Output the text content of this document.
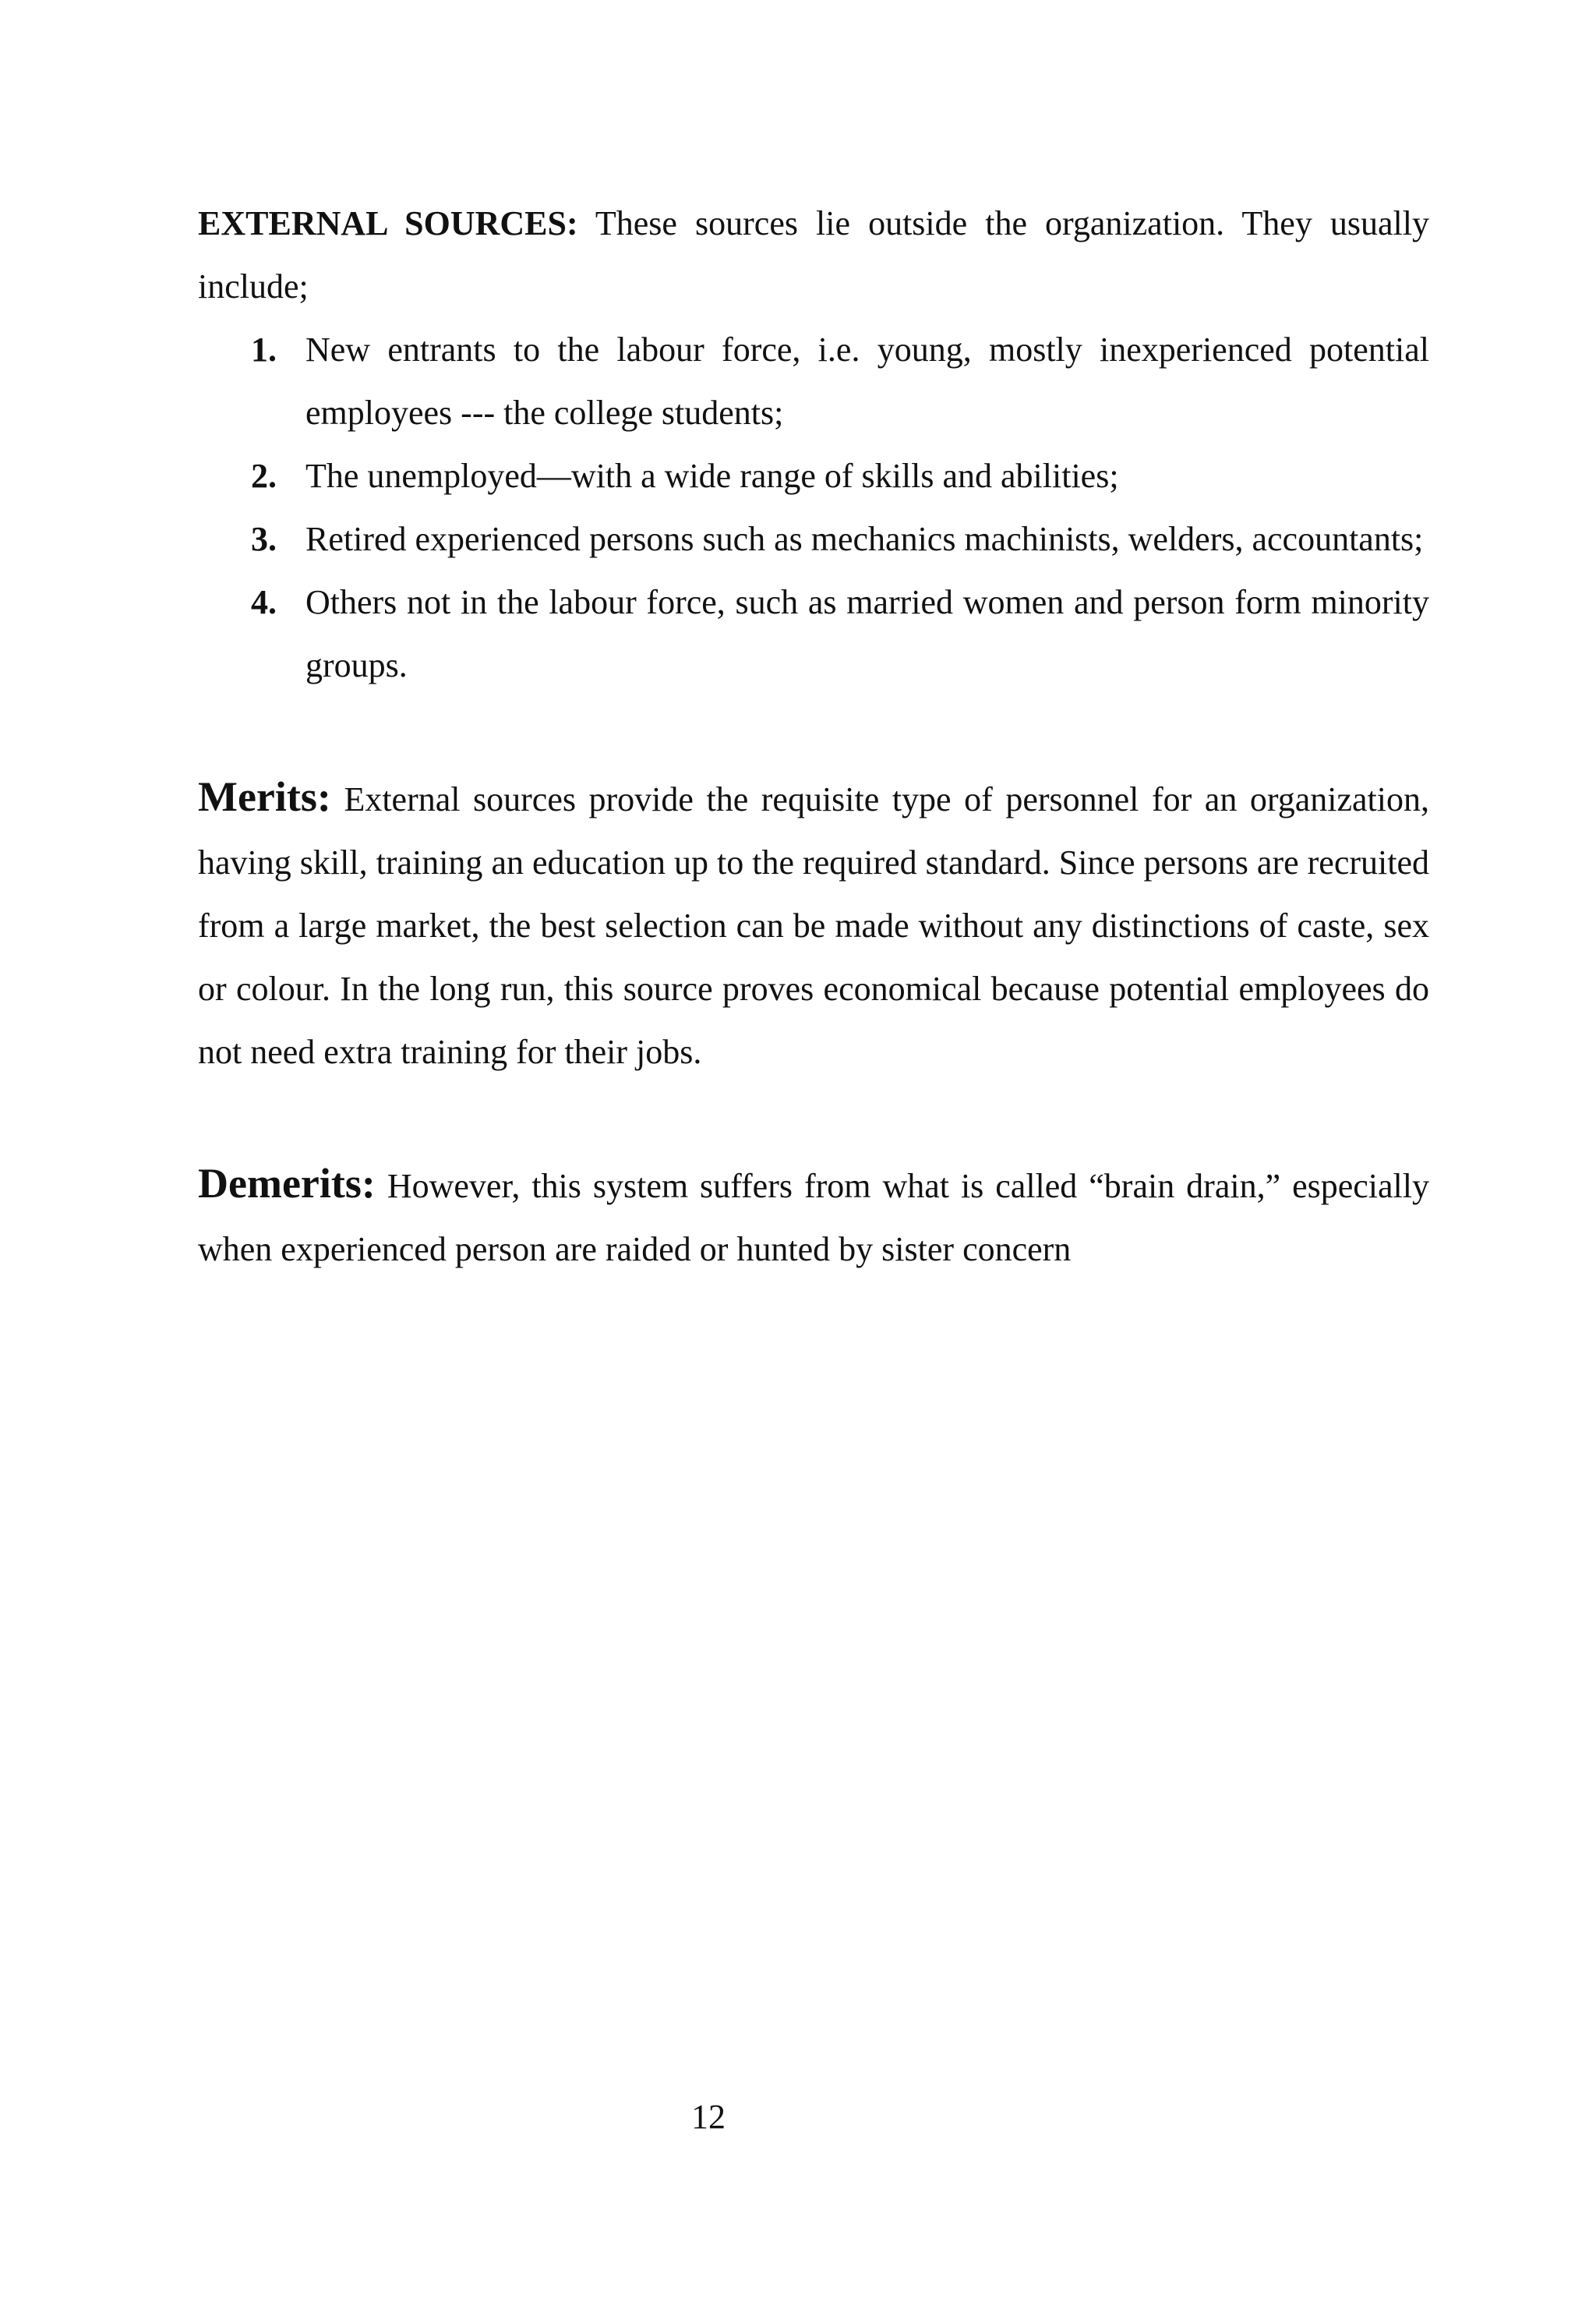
EXTERNAL SOURCES: These sources lie outside the organization. They usually include;

1. New entrants to the labour force, i.e. young, mostly inexperienced potential employees --- the college students;
2. The unemployed—with a wide range of skills and abilities;
3. Retired experienced persons such as mechanics machinists, welders, accountants;
4. Others not in the labour force, such as married women and person form minority groups.

Merits: External sources provide the requisite type of personnel for an organization, having skill, training an education up to the required standard. Since persons are recruited from a large market, the best selection can be made without any distinctions of caste, sex or colour. In the long run, this source proves economical because potential employees do not need extra training for their jobs.

Demerits: However, this system suffers from what is called “brain drain,” especially when experienced person are raided or hunted by sister concern

12
